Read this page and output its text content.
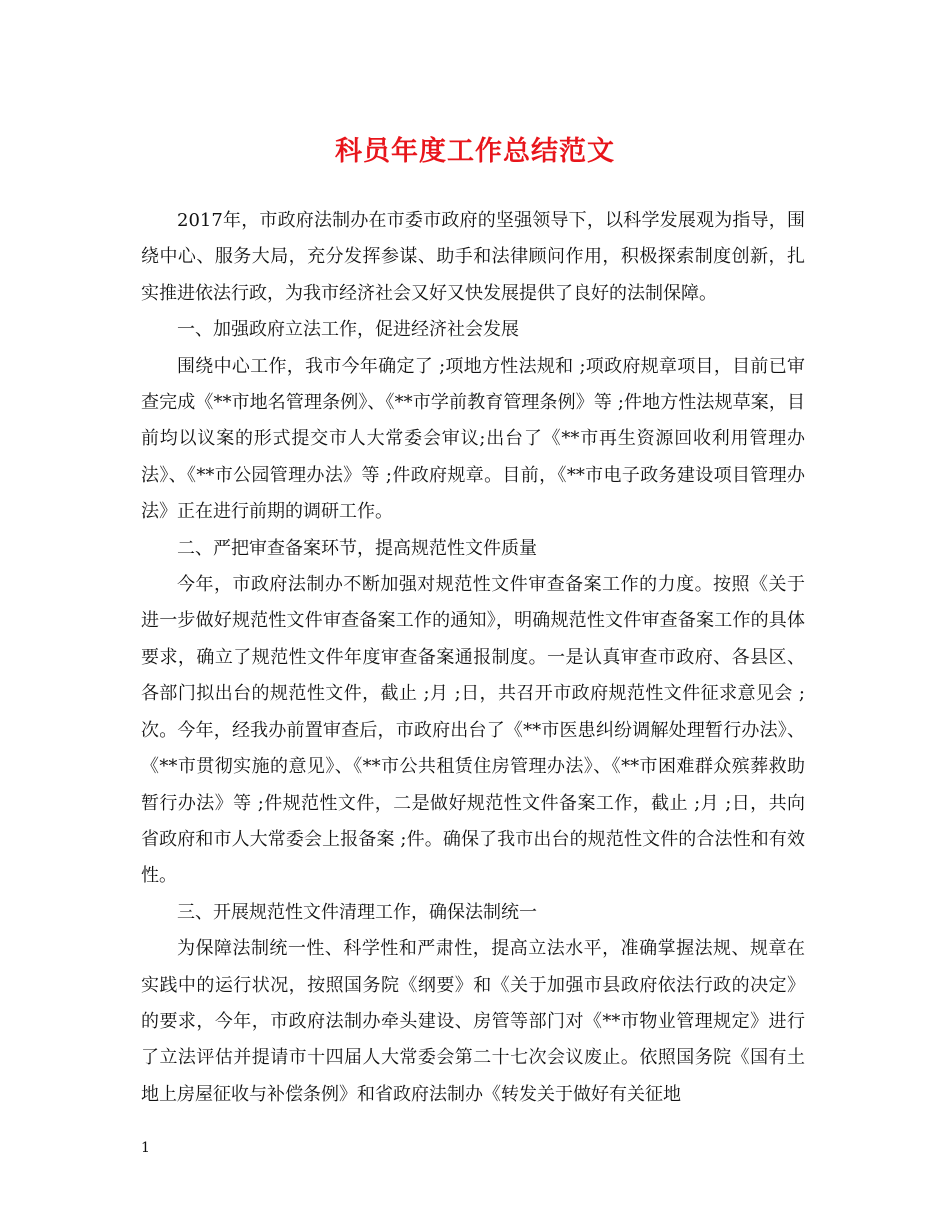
科员年度工作总结范文

2017年，市政府法制办在市委市政府的坚强领导下，以科学发展观为指导，围绕中心、服务大局，充分发挥参谋、助手和法律顾问作用，积极探索制度创新，扎实推进依法行政，为我市经济社会又好又快发展提供了良好的法制保障。

一、加强政府立法工作，促进经济社会发展

围绕中心工作，我市今年确定了 ;项地方性法规和 ;项政府规章项目，目前已审查完成《**市地名管理条例》、《**市学前教育管理条例》等 ;件地方性法规草案，目前均以议案的形式提交市人大常委会审议;出台了《**市再生资源回收利用管理办法》、《**市公园管理办法》等 ;件政府规章。目前，《**市电子政务建设项目管理办法》正在进行前期的调研工作。

二、严把审查备案环节，提高规范性文件质量

今年，市政府法制办不断加强对规范性文件审查备案工作的力度。按照《关于进一步做好规范性文件审查备案工作的通知》，明确规范性文件审查备案工作的具体要求，确立了规范性文件年度审查备案通报制度。一是认真审查市政府、各县区、各部门拟出台的规范性文件，截止 ;月 ;日，共召开市政府规范性文件征求意见会 ;次。今年，经我办前置审查后，市政府出台了《**市医患纠纷调解处理暂行办法》、《**市贯彻实施的意见》、《**市公共租赁住房管理办法》、《**市困难群众殡葬救助暂行办法》等 ;件规范性文件，二是做好规范性文件备案工作，截止 ;月 ;日，共向省政府和市人大常委会上报备案 ;件。确保了我市出台的规范性文件的合法性和有效性。

三、开展规范性文件清理工作，确保法制统一

为保障法制统一性、科学性和严肃性，提高立法水平，准确掌握法规、规章在实践中的运行状况，按照国务院《纲要》和《关于加强市县政府依法行政的决定》的要求，今年，市政府法制办牵头建设、房管等部门对《**市物业管理规定》进行了立法评估并提请市十四届人大常委会第二十七次会议废止。依照国务院《国有土地上房屋征收与补偿条例》和省政府法制办《转发关于做好有关征地

1
